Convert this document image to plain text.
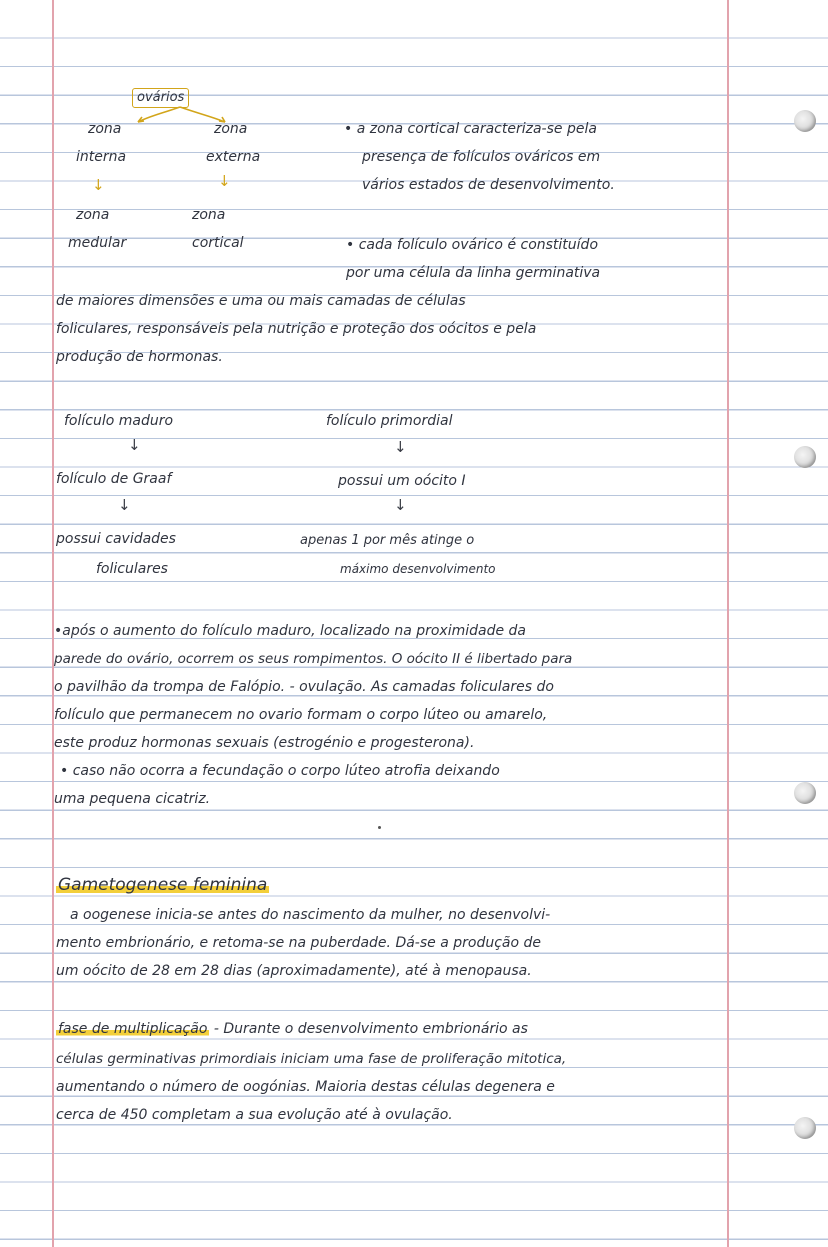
ovários
zona
interna
zona
externa
↓	↓
zona
medular
zona
cortical
• a zona cortical caracteriza-se pela
presença de folículos ováricos em
vários estados de desenvolvimento.
• cada folículo ovárico é constituído
por uma célula da linha germinativa
de maiores dimensões e uma ou mais camadas de células
foliculares, responsáveis pela nutrição e proteção dos oócitos e pela
produção de hormonas.
folículo maduro
↓
folículo de Graaf
↓
possui cavidades
foliculares
folículo primordial
↓
possui um oócito I
↓
apenas 1 por mês atinge o
máximo desenvolvimento
•após o aumento do folículo maduro, localizado na proximidade da
parede do ovário, ocorrem os seus rompimentos. O oócito II é libertado para
o pavilhão da trompa de Falópio. - ovulação. As camadas foliculares do
folículo que permanecem no ovario formam o corpo lúteo ou amarelo,
este produz hormonas sexuais (estrogénio e progesterona).
• caso não ocorra a fecundação o corpo lúteo atrofia deixando
uma pequena cicatriz.
Gametogenese feminina
a oogenese inicia-se antes do nascimento da mulher, no desenvolvi-
mento embrionário, e retoma-se na puberdade. Dá-se a produção de
um oócito de 28 em 28 dias (aproximadamente), até à menopausa.
fase de multiplicação - Durante o desenvolvimento embrionário as
células germinativas primordiais iniciam uma fase de proliferação mitotica,
aumentando o número de oogónias. Maioria destas células degenera e
cerca de 450 completam a sua evolução até à ovulação.
